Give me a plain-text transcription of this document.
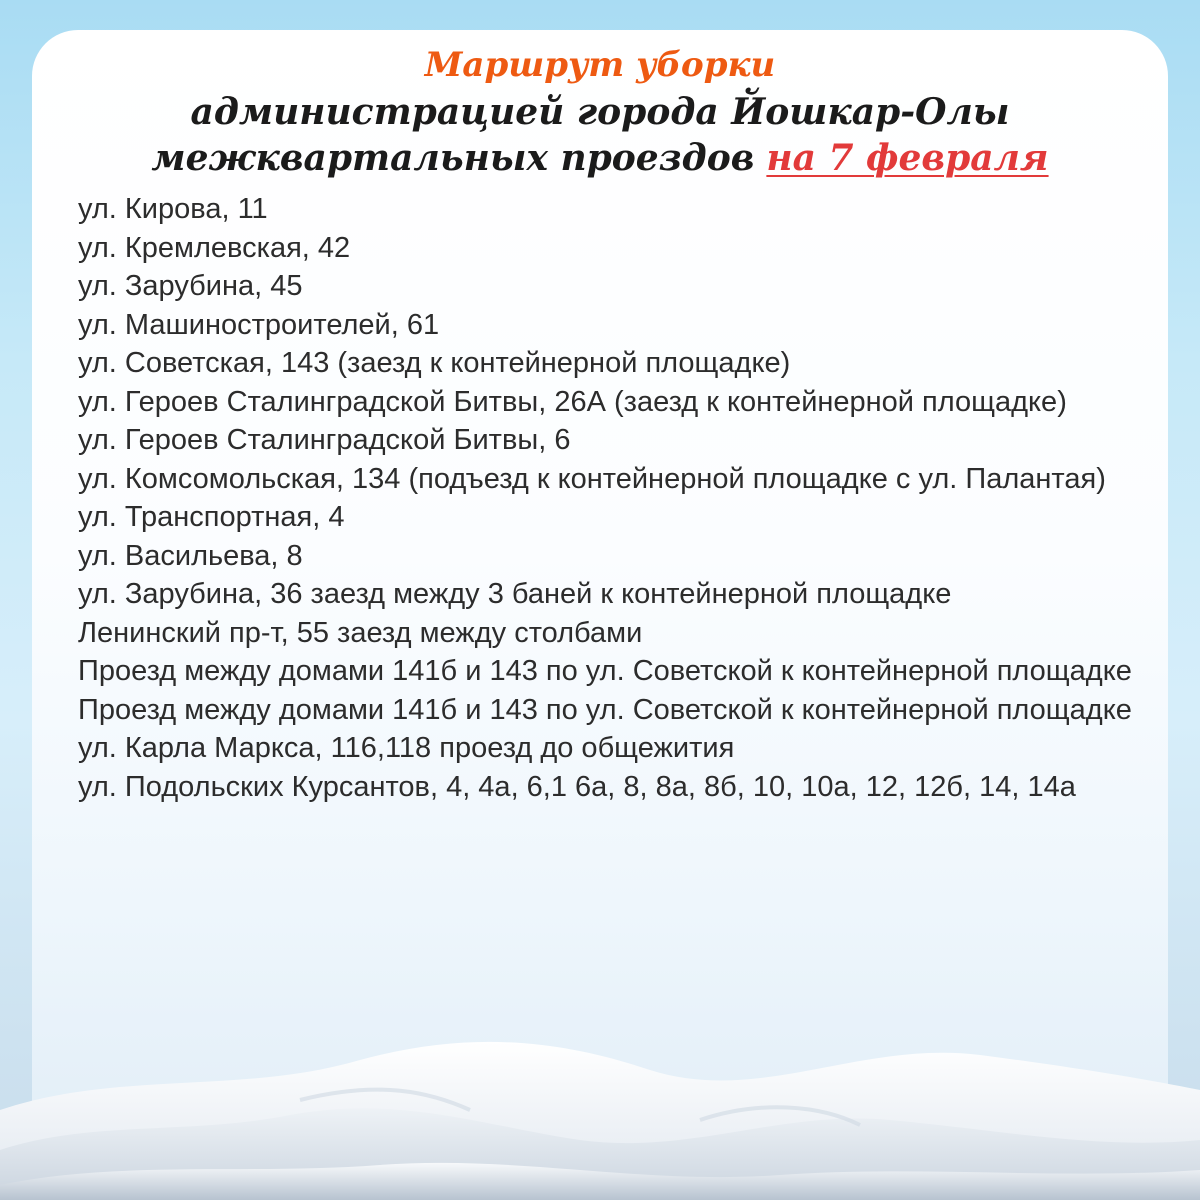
Маршрут уборки
администрацией города Йошкар-Олы
межквартальных проездов на 7 февраля
ул. Кирова, 11
ул. Кремлевская, 42
ул. Зарубина, 45
ул. Машиностроителей, 61
ул. Советская, 143 (заезд к контейнерной площадке)
ул. Героев Сталинградской Битвы, 26А (заезд к контейнерной площадке)
ул. Героев Сталинградской Битвы, 6
ул. Комсомольская, 134 (подъезд к контейнерной площадке с ул. Палантая)
ул. Транспортная, 4
ул. Васильева, 8
ул. Зарубина, 36 заезд между 3 баней к контейнерной площадке
Ленинский пр-т, 55 заезд между столбами
Проезд между домами 141б и 143 по ул. Советской к контейнерной площадке
Проезд между домами 141б и 143 по ул. Советской к контейнерной площадке
ул. Карла Маркса, 116,118 проезд до общежития
ул. Подольских Курсантов, 4, 4а, 6,1 6а, 8, 8а, 8б, 10, 10а, 12, 12б, 14, 14а
